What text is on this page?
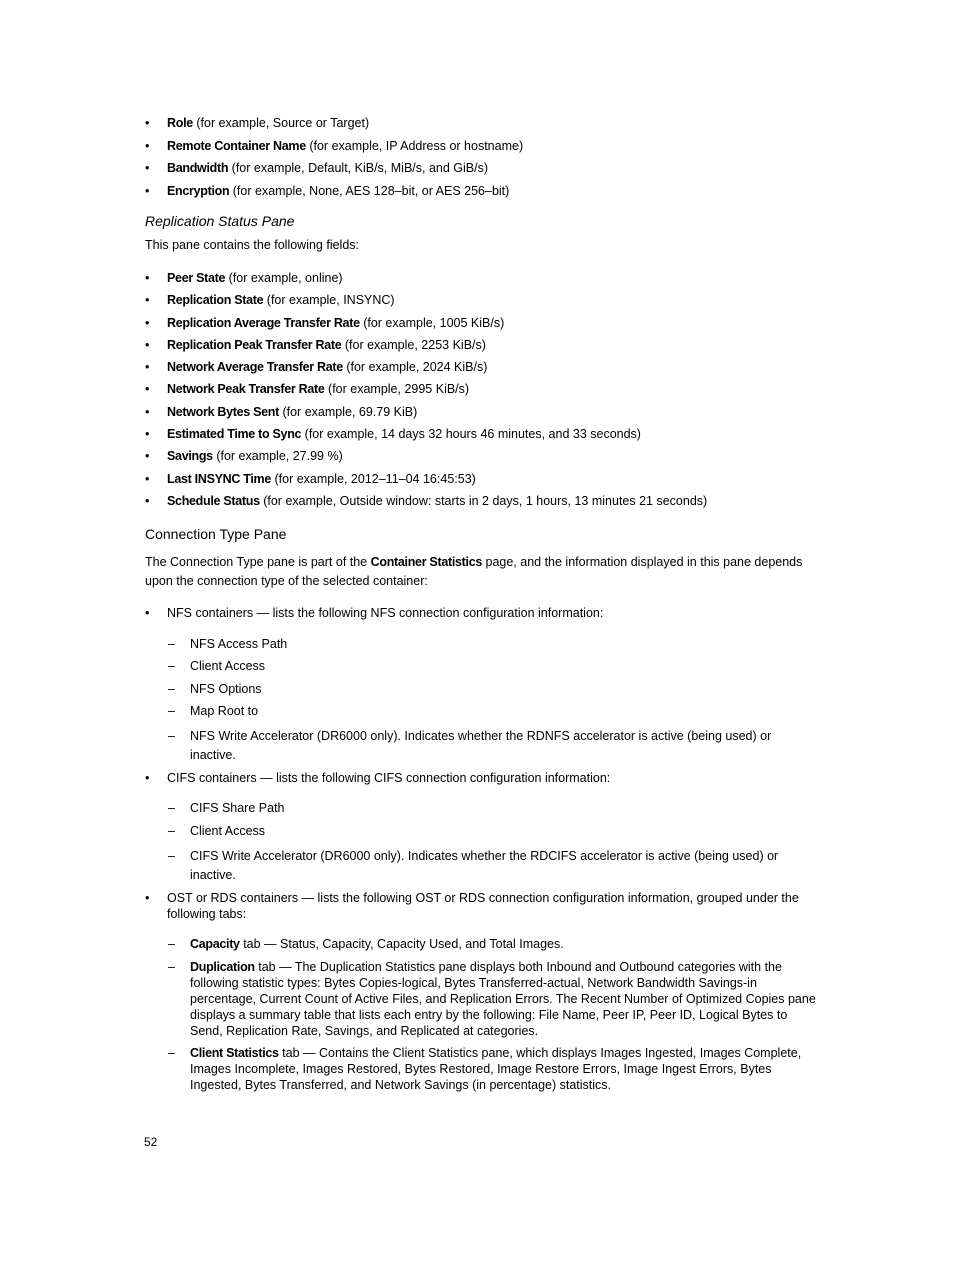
•	Role (for example, Source or Target)
•	Remote Container Name (for example, IP Address or hostname)
•	Bandwidth (for example, Default, KiB/s, MiB/s, and GiB/s)
•	Encryption (for example, None, AES 128–bit, or AES 256–bit)
Replication Status Pane
This pane contains the following fields:
•	Peer State (for example, online)
•	Replication State (for example, INSYNC)
•	Replication Average Transfer Rate (for example, 1005 KiB/s)
•	Replication Peak Transfer Rate (for example, 2253 KiB/s)
•	Network Average Transfer Rate (for example, 2024 KiB/s)
•	Network Peak Transfer Rate (for example, 2995 KiB/s)
•	Network Bytes Sent (for example, 69.79 KiB)
•	Estimated Time to Sync (for example, 14 days 32 hours 46 minutes, and 33 seconds)
•	Savings (for example, 27.99 %)
•	Last INSYNC Time (for example, 2012–11–04 16:45:53)
•	Schedule Status (for example, Outside window: starts in 2 days, 1 hours, 13 minutes 21 seconds)
Connection Type Pane
The Connection Type pane is part of the Container Statistics page, and the information displayed in this pane depends
upon the connection type of the selected container:
•	NFS containers — lists the following NFS connection configuration information:
– NFS Access Path
– Client Access
– NFS Options
– Map Root to
– NFS Write Accelerator (DR6000 only). Indicates whether the RDNFS accelerator is active (being used) or
inactive.
•	CIFS containers — lists the following CIFS connection configuration information:
– CIFS Share Path
– Client Access
– CIFS Write Accelerator (DR6000 only). Indicates whether the RDCIFS accelerator is active (being used) or
inactive.
•	OST or RDS containers — lists the following OST or RDS connection configuration information, grouped under the
following tabs:
– Capacity tab — Status, Capacity, Capacity Used, and Total Images.
– Duplication tab — The Duplication Statistics pane displays both Inbound and Outbound categories with the
following statistic types: Bytes Copies-logical, Bytes Transferred-actual, Network Bandwidth Savings-in
percentage, Current Count of Active Files, and Replication Errors. The Recent Number of Optimized Copies pane
displays a summary table that lists each entry by the following: File Name, Peer IP, Peer ID, Logical Bytes to
Send, Replication Rate, Savings, and Replicated at categories.
– Client Statistics tab — Contains the Client Statistics pane, which displays Images Ingested, Images Complete,
Images Incomplete, Images Restored, Bytes Restored, Image Restore Errors, Image Ingest Errors, Bytes
Ingested, Bytes Transferred, and Network Savings (in percentage) statistics.
52
